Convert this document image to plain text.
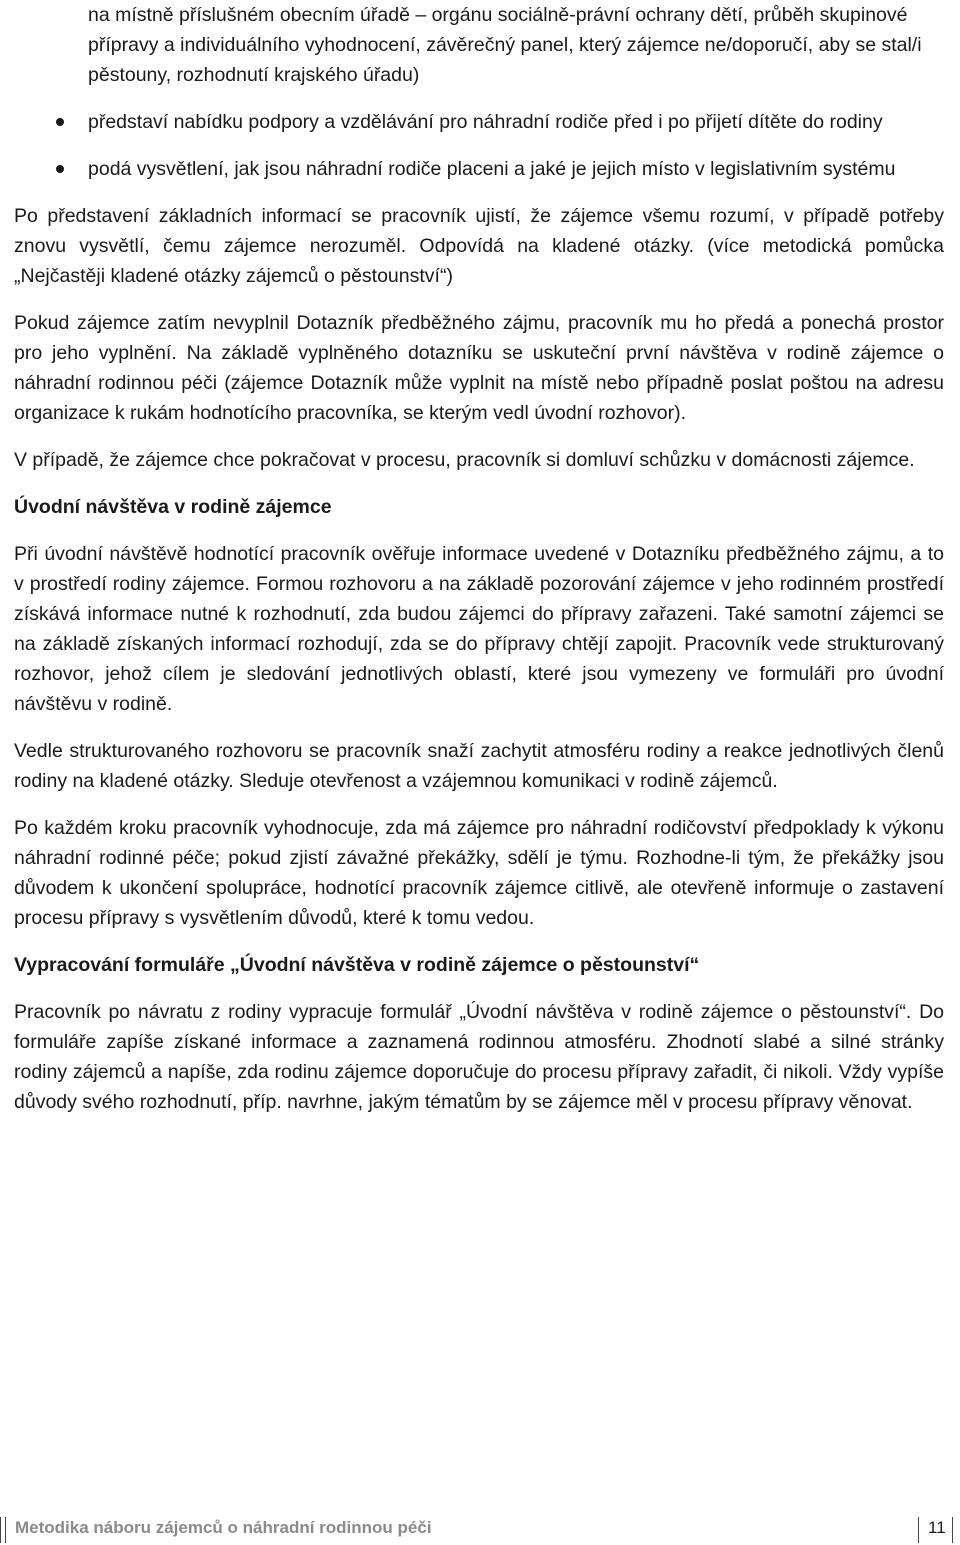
na místně příslušném obecním úřadě – orgánu sociálně-právní ochrany dětí, průběh skupinové přípravy a individuálního vyhodnocení, závěrečný panel, který zájemce ne/doporučí, aby se stal/i pěstouny, rozhodnutí krajského úřadu)

představí nabídku podpory a vzdělávání pro náhradní rodiče před i po přijetí dítěte do rodiny
podá vysvětlení, jak jsou náhradní rodiče placeni a jaké je jejich místo v legislativním systému

Po představení základních informací se pracovník ujistí, že zájemce všemu rozumí, v případě potřeby znovu vysvětlí, čemu zájemce nerozuměl. Odpovídá na kladené otázky. (více metodická pomůcka „Nejčastěji kladené otázky zájemců o pěstounství“)

Pokud zájemce zatím nevyplnil Dotazník předběžného zájmu, pracovník mu ho předá a ponechá prostor pro jeho vyplnění. Na základě vyplněného dotazníku se uskuteční první návštěva v rodině zájemce o náhradní rodinnou péči (zájemce Dotazník může vyplnit na místě nebo případně poslat poštou na adresu organizace k rukám hodnotícího pracovníka, se kterým vedl úvodní rozhovor).

V případě, že zájemce chce pokračovat v procesu, pracovník si domluví schůzku v domácnosti zájemce.

Úvodní návštěva v rodině zájemce

Při úvodní návštěvě hodnotící pracovník ověřuje informace uvedené v Dotazníku předběžného zájmu, a to v prostředí rodiny zájemce. Formou rozhovoru a na základě pozorování zájemce v jeho rodinném prostředí získává informace nutné k rozhodnutí, zda budou zájemci do přípravy zařazeni. Také samotní zájemci se na základě získaných informací rozhodují, zda se do přípravy chtějí zapojit. Pracovník vede strukturovaný rozhovor, jehož cílem je sledování jednotlivých oblastí, které jsou vymezeny ve formuláři pro úvodní návštěvu v rodině.

Vedle strukturovaného rozhovoru se pracovník snaží zachytit atmosféru rodiny a reakce jednotlivých členů rodiny na kladené otázky. Sleduje otevřenost a vzájemnou komunikaci v rodině zájemců.

Po každém kroku pracovník vyhodnocuje, zda má zájemce pro náhradní rodičovství předpoklady k výkonu náhradní rodinné péče; pokud zjistí závažné překážky, sdělí je týmu. Rozhodne-li tým, že překážky jsou důvodem k ukončení spolupráce, hodnotící pracovník zájemce citlivě, ale otevřeně informuje o zastavení procesu přípravy s vysvětlením důvodů, které k tomu vedou.

Vypracování formuláře „Úvodní návštěva v rodině zájemce o pěstounství“

Pracovník po návratu z rodiny vypracuje formulář „Úvodní návštěva v rodině zájemce o pěstounství“. Do formuláře zapíše získané informace a zaznamená rodinnou atmosféru. Zhodnotí slabé a silné stránky rodiny zájemců a napíše, zda rodinu zájemce doporučuje do procesu přípravy zařadit, či nikoli. Vždy vypíše důvody svého rozhodnutí, příp. navrhne, jakým tématům by se zájemce měl v procesu přípravy věnovat.

Metodika náboru zájemců o náhradní rodinnou péči	11
